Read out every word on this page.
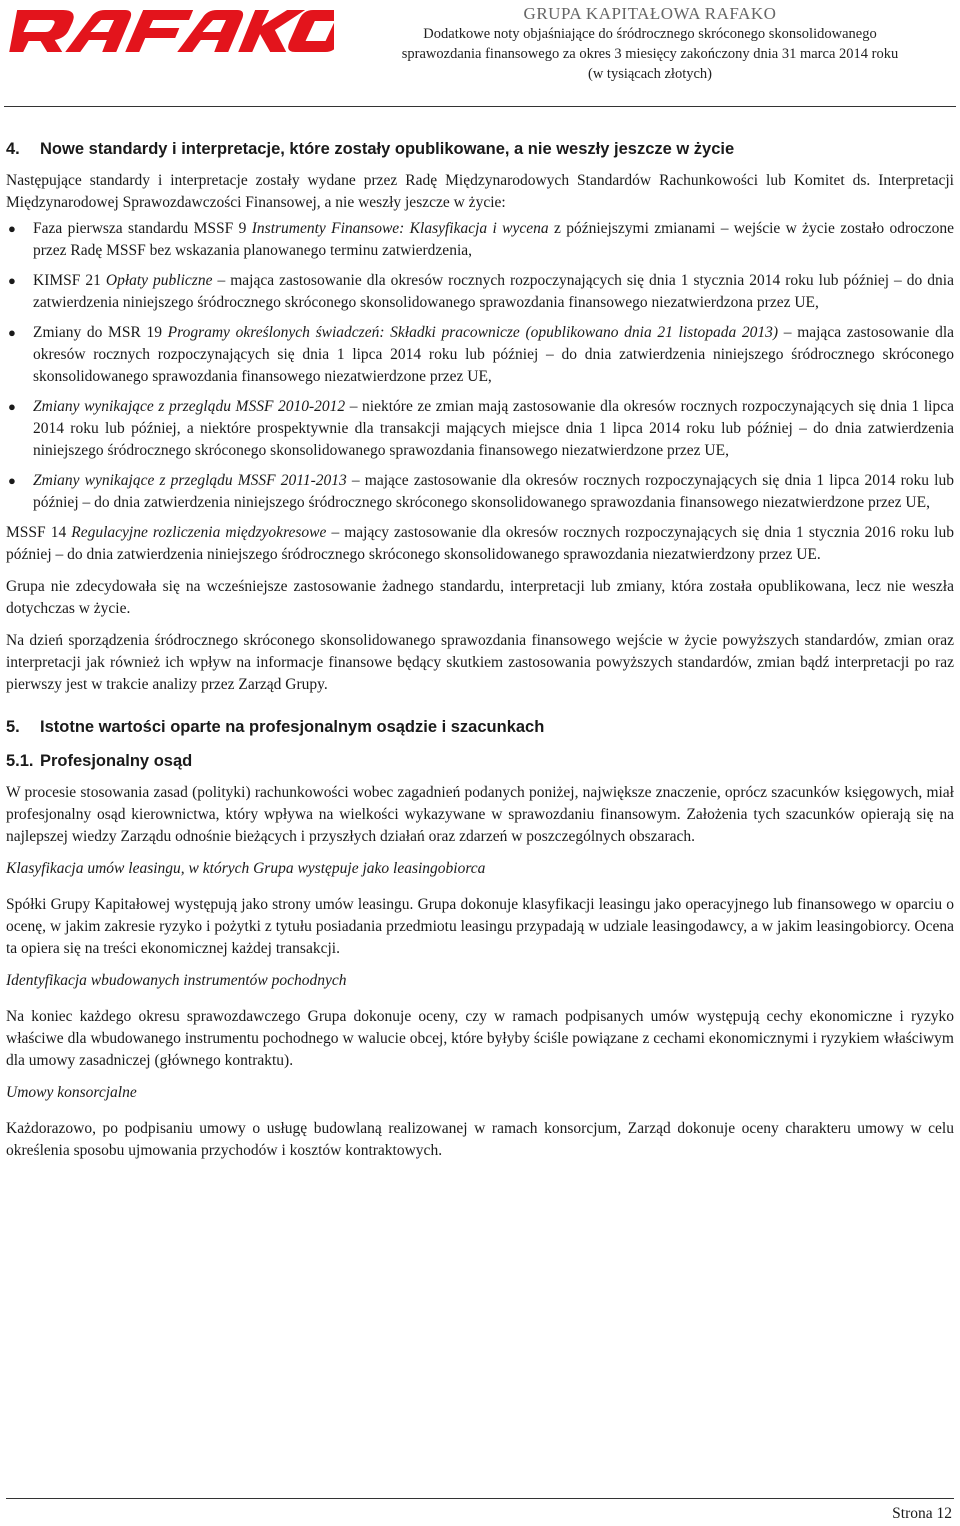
GRUPA KAPITAŁOWA RAFAKO
Dodatkowe noty objaśniające do śródrocznego skróconego skonsolidowanego
sprawozdania finansowego za okres 3 miesięcy zakończony dnia 31 marca 2014 roku
(w tysiącach złotych)
4. Nowe standardy i interpretacje, które zostały opublikowane, a nie weszły jeszcze w życie

Następujące standardy i interpretacje zostały wydane przez Radę Międzynarodowych Standardów Rachunkowości lub Komitet ds. Interpretacji Międzynarodowej Sprawozdawczości Finansowej, a nie weszły jeszcze w życie:

● Faza pierwsza standardu MSSF 9 Instrumenty Finansowe: Klasyfikacja i wycena z późniejszymi zmianami – wejście w życie zostało odroczone przez Radę MSSF bez wskazania planowanego terminu zatwierdzenia,
● KIMSF 21 Opłaty publiczne – mająca zastosowanie dla okresów rocznych rozpoczynających się dnia 1 stycznia 2014 roku lub później – do dnia zatwierdzenia niniejszego śródrocznego skróconego skonsolidowanego sprawozdania finansowego niezatwierdzona przez UE,
● Zmiany do MSR 19 Programy określonych świadczeń: Składki pracownicze (opublikowano dnia 21 listopada 2013) – mająca zastosowanie dla okresów rocznych rozpoczynających się dnia 1 lipca 2014 roku lub później – do dnia zatwierdzenia niniejszego śródrocznego skróconego skonsolidowanego sprawozdania finansowego niezatwierdzone przez UE,
● Zmiany wynikające z przeglądu MSSF 2010-2012 – niektóre ze zmian mają zastosowanie dla okresów rocznych rozpoczynających się dnia 1 lipca 2014 roku lub później, a niektóre prospektywnie dla transakcji mających miejsce dnia 1 lipca 2014 roku lub później – do dnia zatwierdzenia niniejszego śródrocznego skróconego skonsolidowanego sprawozdania finansowego niezatwierdzone przez UE,
● Zmiany wynikające z przeglądu MSSF 2011-2013 – mające zastosowanie dla okresów rocznych rozpoczynających się dnia 1 lipca 2014 roku lub później – do dnia zatwierdzenia niniejszego śródrocznego skróconego skonsolidowanego sprawozdania finansowego niezatwierdzone przez UE,

MSSF 14 Regulacyjne rozliczenia międzyokresowe – mający zastosowanie dla okresów rocznych rozpoczynających się dnia 1 stycznia 2016 roku lub później – do dnia zatwierdzenia niniejszego śródrocznego skróconego skonsolidowanego sprawozdania niezatwierdzony przez UE.

Grupa nie zdecydowała się na wcześniejsze zastosowanie żadnego standardu, interpretacji lub zmiany, która została opublikowana, lecz nie weszła dotychczas w życie.

Na dzień sporządzenia śródrocznego skróconego skonsolidowanego sprawozdania finansowego wejście w życie powyższych standardów, zmian oraz interpretacji jak również ich wpływ na informacje finansowe będący skutkiem zastosowania powyższych standardów, zmian bądź interpretacji po raz pierwszy jest w trakcie analizy przez Zarząd Grupy.

5. Istotne wartości oparte na profesjonalnym osądzie i szacunkach
5.1. Profesjonalny osąd

W procesie stosowania zasad (polityki) rachunkowości wobec zagadnień podanych poniżej, największe znaczenie, oprócz szacunków księgowych, miał profesjonalny osąd kierownictwa, który wpływa na wielkości wykazywane w sprawozdaniu finansowym. Założenia tych szacunków opierają się na najlepszej wiedzy Zarządu odnośnie bieżących i przyszłych działań oraz zdarzeń w poszczególnych obszarach.

Klasyfikacja umów leasingu, w których Grupa występuje jako leasingobiorca

Spółki Grupy Kapitałowej występują jako strony umów leasingu. Grupa dokonuje klasyfikacji leasingu jako operacyjnego lub finansowego w oparciu o ocenę, w jakim zakresie ryzyko i pożytki z tytułu posiadania przedmiotu leasingu przypadają w udziale leasingodawcy, a w jakim leasingobiorcy. Ocena ta opiera się na treści ekonomicznej każdej transakcji.

Identyfikacja wbudowanych instrumentów pochodnych

Na koniec każdego okresu sprawozdawczego Grupa dokonuje oceny, czy w ramach podpisanych umów występują cechy ekonomiczne i ryzyko właściwe dla wbudowanego instrumentu pochodnego w walucie obcej, które byłyby ściśle powiązane z cechami ekonomicznymi i ryzykiem właściwym dla umowy zasadniczej (głównego kontraktu).

Umowy konsorcjalne

Każdorazowo, po podpisaniu umowy o usługę budowlaną realizowanej w ramach konsorcjum, Zarząd dokonuje oceny charakteru umowy w celu określenia sposobu ujmowania przychodów i kosztów kontraktowych.

Strona 12
